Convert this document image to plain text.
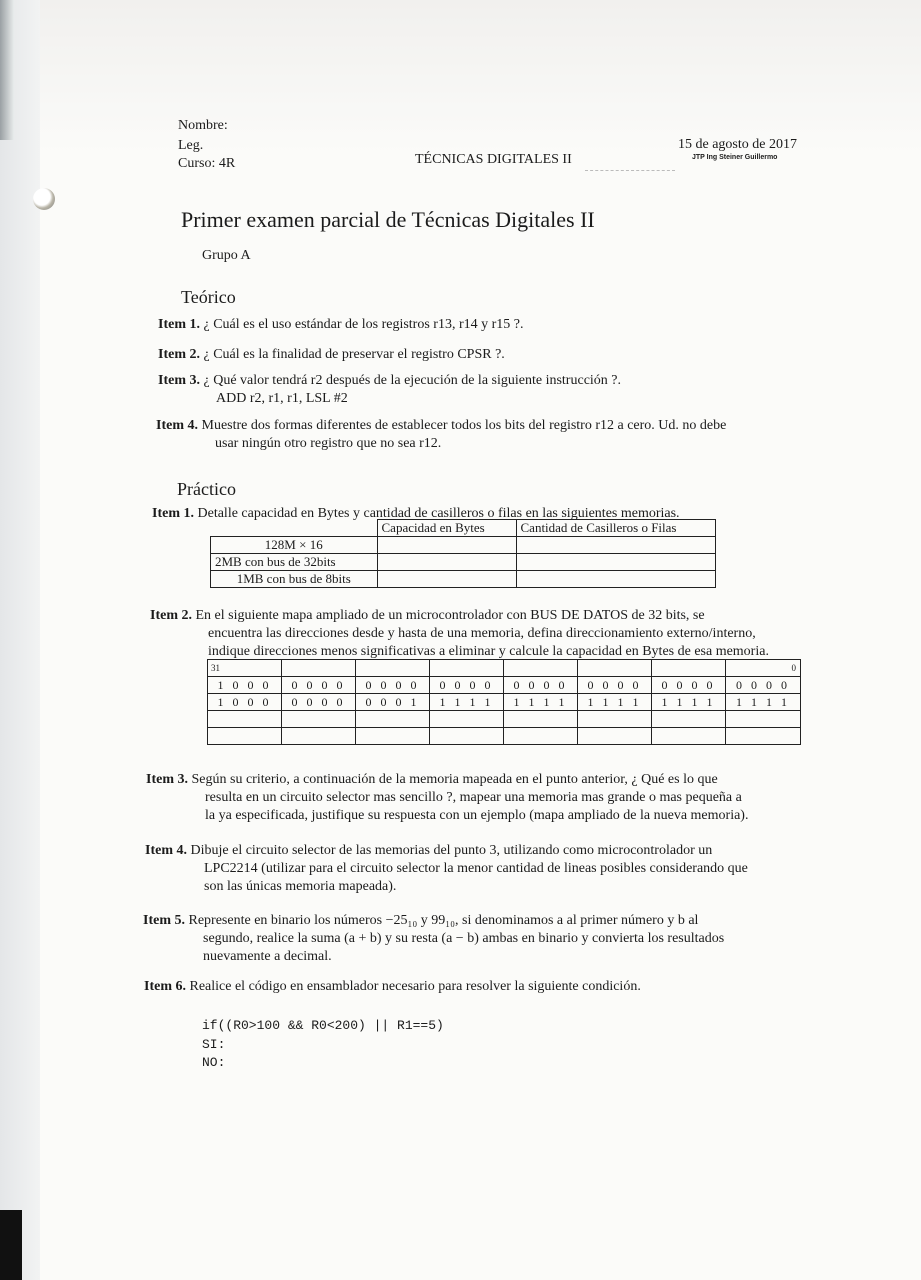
Nombre:
Leg.
Curso: 4R	TÉCNICAS DIGITALES II
15 de agosto de 2017
JTP Ing Steiner Guillermo
Primer examen parcial de Técnicas Digitales II
Grupo A
Teórico
Item 1. ¿ Cuál es el uso estándar de los registros r13, r14 y r15 ?.
Item 2. ¿ Cuál es la finalidad de preservar el registro CPSR ?.
Item 3. ¿ Qué valor tendrá r2 después de la ejecución de la siguiente instrucción ?.
ADD r2, r1, r1, LSL #2
Item 4. Muestre dos formas diferentes de establecer todos los bits del registro r12 a cero. Ud. no debe
usar ningún otro registro que no sea r12.
Práctico
Item 1. Detalle capacidad en Bytes y cantidad de casilleros o filas en las siguientes memorias.
	Capacidad en Bytes	Cantidad de Casilleros o Filas
128M × 16		
2MB con bus de 32bits		
1MB con bus de 8bits		
Item 2. En el siguiente mapa ampliado de un microcontrolador con BUS DE DATOS de 32 bits, se
encuentra las direcciones desde y hasta de una memoria, defina direccionamiento externo/interno,
indique direcciones menos significativas a eliminar y calcule la capacidad en Bytes de esa memoria.
31							0
1 0 0 0	0 0 0 0	0 0 0 0	0 0 0 0	0 0 0 0	0 0 0 0	0 0 0 0	0 0 0 0
1 0 0 0	0 0 0 0	0 0 0 1	1 1 1 1	1 1 1 1	1 1 1 1	1 1 1 1	1 1 1 1

Item 3. Según su criterio, a continuación de la memoria mapeada en el punto anterior, ¿ Qué es lo que
resulta en un circuito selector mas sencillo ?, mapear una memoria mas grande o mas pequeña a
la ya especificada, justifique su respuesta con un ejemplo (mapa ampliado de la nueva memoria).
Item 4. Dibuje el circuito selector de las memorias del punto 3, utilizando como microcontrolador un
LPC2214 (utilizar para el circuito selector la menor cantidad de lineas posibles considerando que
son las únicas memoria mapeada).
Item 5. Represente en binario los números −25₁₀ y 99₁₀, si denominamos a al primer número y b al
segundo, realice la suma (a + b) y su resta (a − b) ambas en binario y convierta los resultados
nuevamente a decimal.
Item 6. Realice el código en ensamblador necesario para resolver la siguiente condición.
if((R0>100 && R0<200) || R1==5)
SI:
NO:
